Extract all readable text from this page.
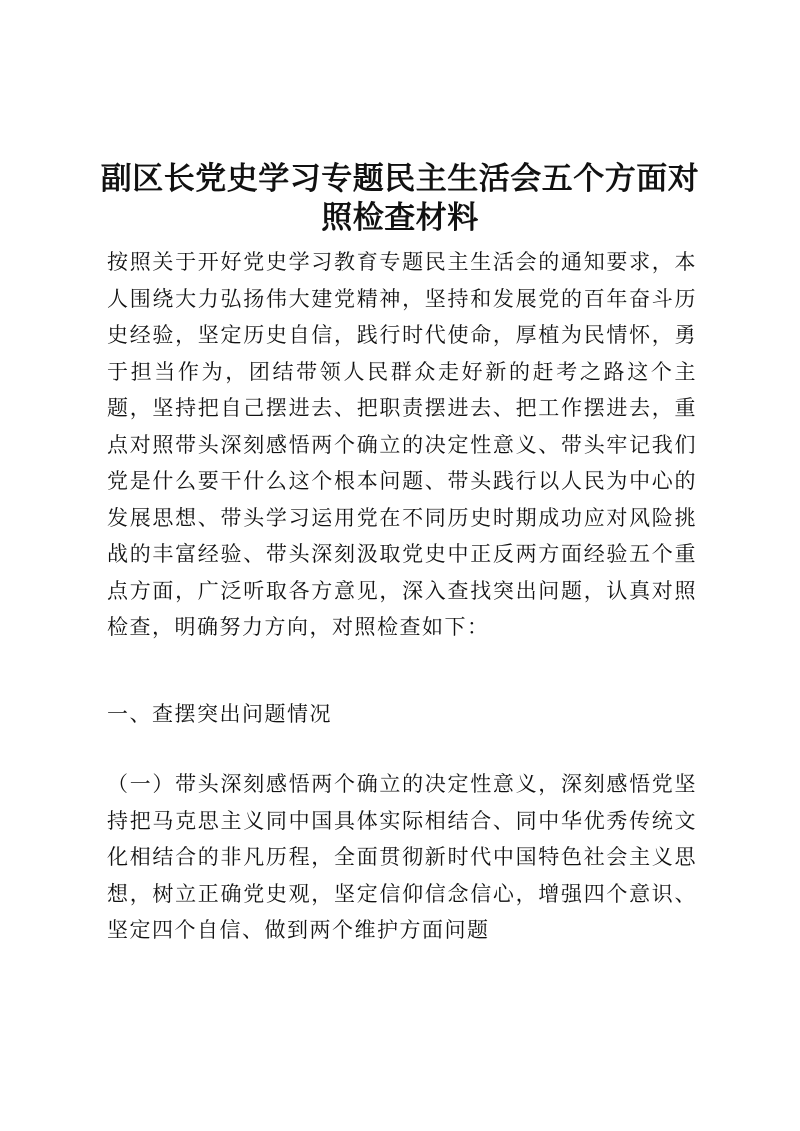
副区长党史学习专题民主生活会五个方面对照检查材料

按照关于开好党史学习教育专题民主生活会的通知要求，本人围绕大力弘扬伟大建党精神，坚持和发展党的百年奋斗历史经验，坚定历史自信，践行时代使命，厚植为民情怀，勇于担当作为，团结带领人民群众走好新的赶考之路这个主题，坚持把自己摆进去、把职责摆进去、把工作摆进去，重点对照带头深刻感悟两个确立的决定性意义、带头牢记我们党是什么要干什么这个根本问题、带头践行以人民为中心的发展思想、带头学习运用党在不同历史时期成功应对风险挑战的丰富经验、带头深刻汲取党史中正反两方面经验五个重点方面，广泛听取各方意见，深入查找突出问题，认真对照检查，明确努力方向，对照检查如下：

一、查摆突出问题情况

（一）带头深刻感悟两个确立的决定性意义，深刻感悟党坚持把马克思主义同中国具体实际相结合、同中华优秀传统文化相结合的非凡历程，全面贯彻新时代中国特色社会主义思想，树立正确党史观，坚定信仰信念信心，增强四个意识、坚定四个自信、做到两个维护方面问题
